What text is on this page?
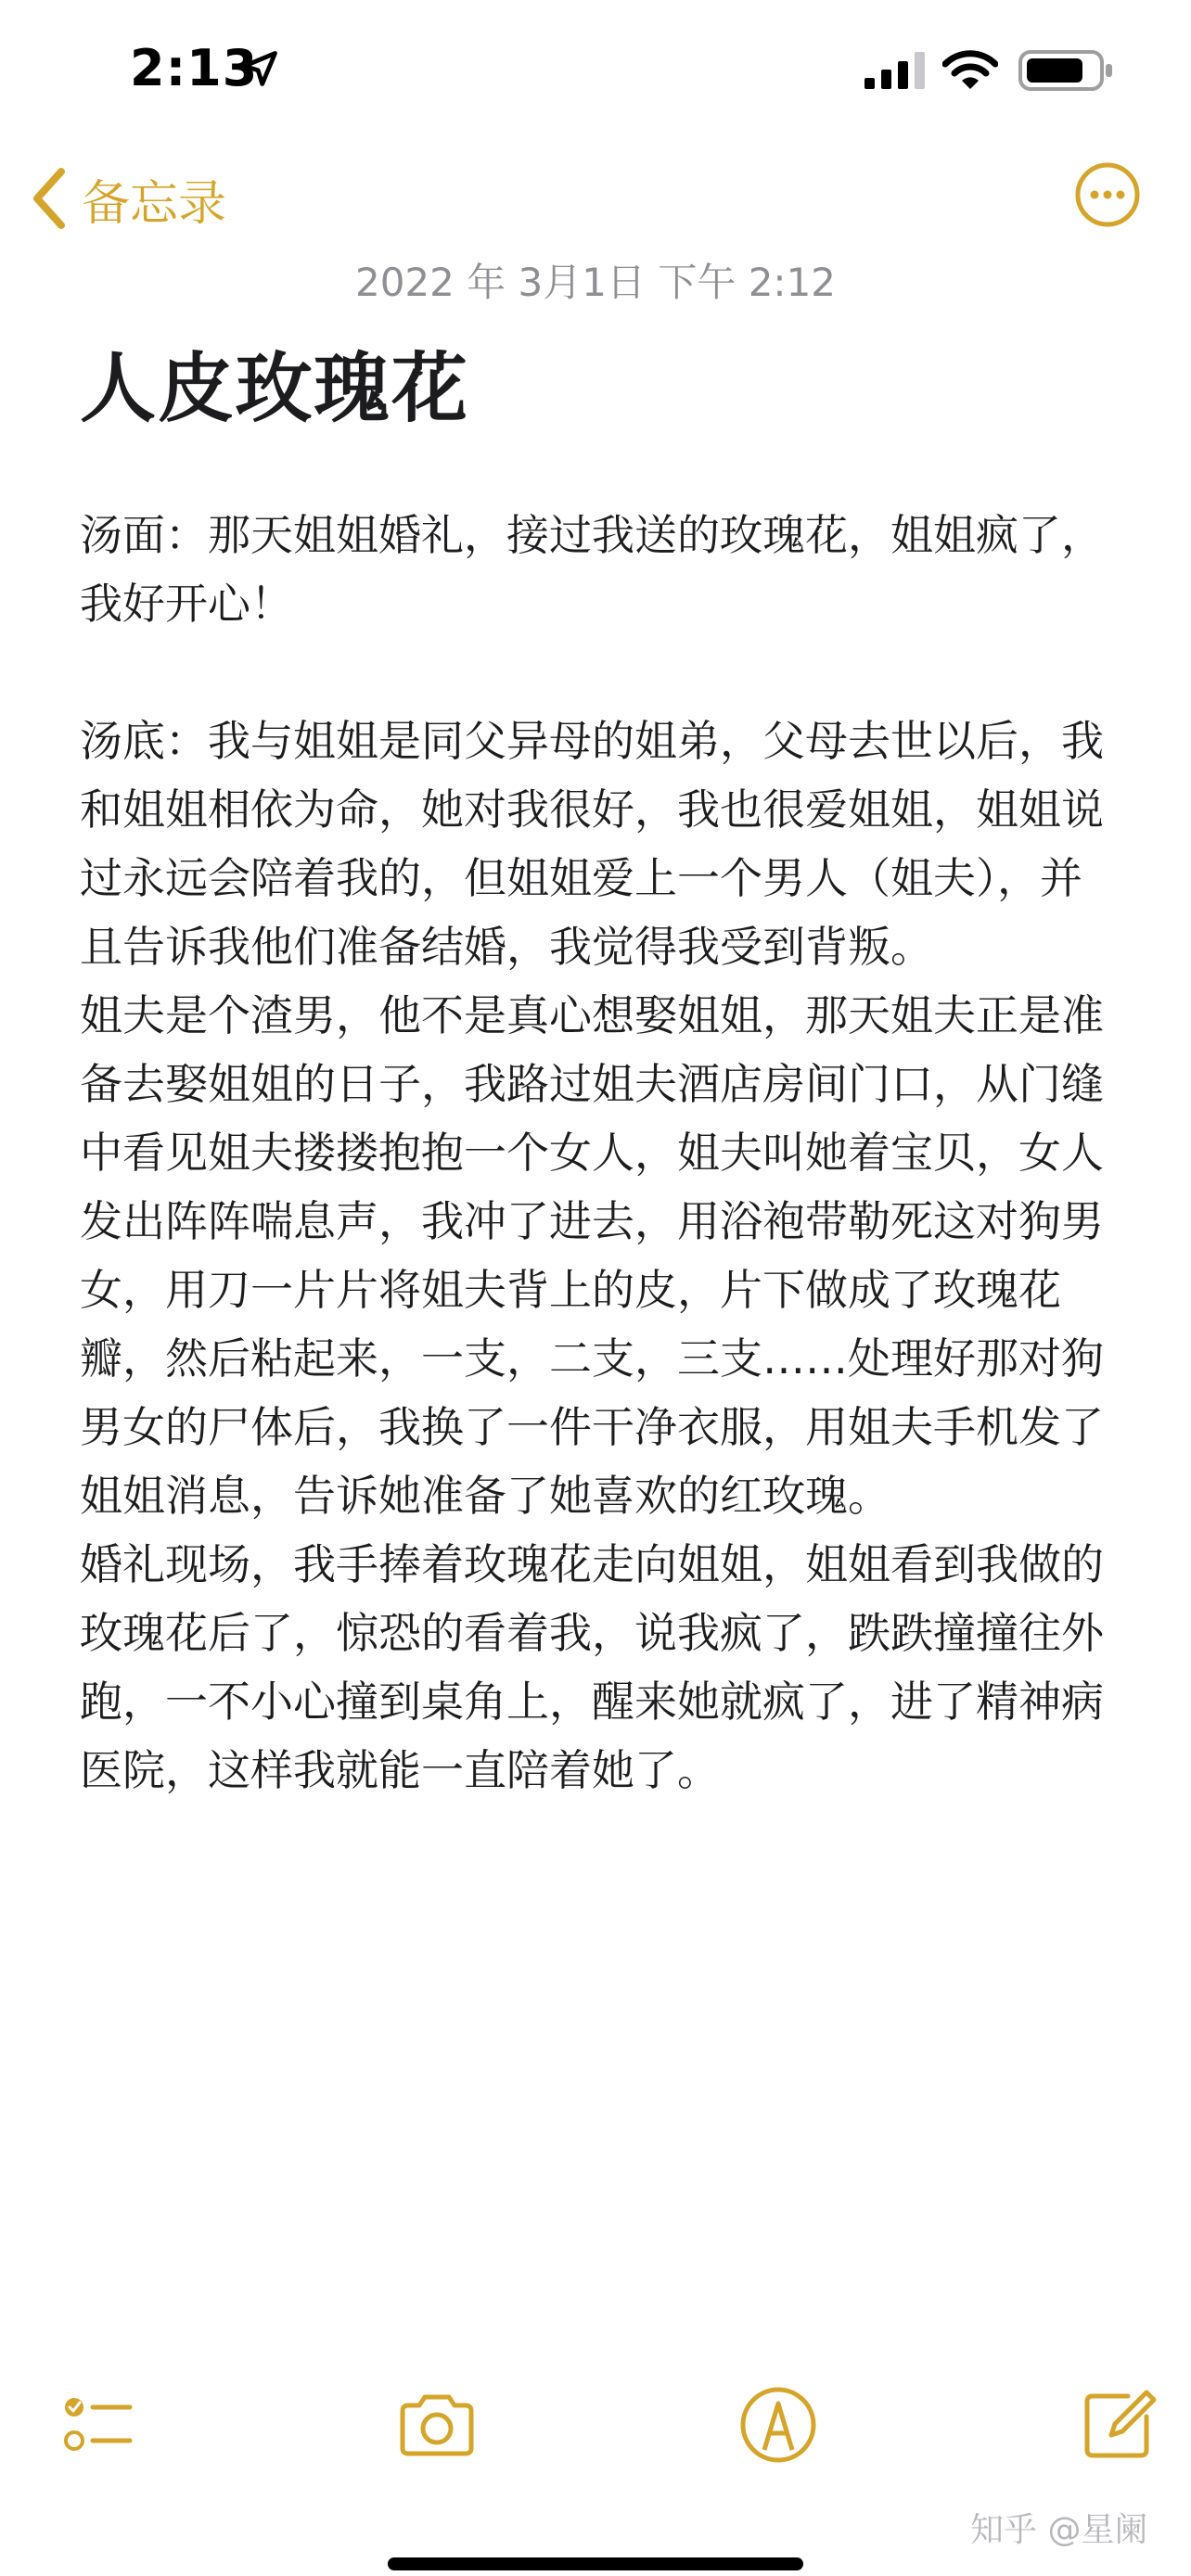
2:13
备忘录
2022 年 3月1日 下午 2:12
人皮玫瑰花

汤面：那天姐姐婚礼，接过我送的玫瑰花，姐姐疯了，我好开心！

汤底：我与姐姐是同父异母的姐弟，父母去世以后，我和姐姐相依为命，她对我很好，我也很爱姐姐，姐姐说过永远会陪着我的，但姐姐爱上一个男人（姐夫），并且告诉我他们准备结婚，我觉得我受到背叛。

姐夫是个渣男，他不是真心想娶姐姐，那天姐夫正是准备去娶姐姐的日子，我路过姐夫酒店房间门口，从门缝中看见姐夫搂搂抱抱一个女人，姐夫叫她着宝贝，女人发出阵阵喘息声，我冲了进去，用浴袍带勒死这对狗男女，用刀一片片将姐夫背上的皮，片下做成了玫瑰花瓣，然后粘起来，一支，二支，三支……处理好那对狗男女的尸体后，我换了一件干净衣服，用姐夫手机发了姐姐消息，告诉她准备了她喜欢的红玫瑰。

婚礼现场，我手捧着玫瑰花走向姐姐，姐姐看到我做的玫瑰花后了，惊恐的看着我，说我疯了，跌跌撞撞往外跑，一不小心撞到桌角上，醒来她就疯了，进了精神病医院，这样我就能一直陪着她了。

知乎 @星阑
